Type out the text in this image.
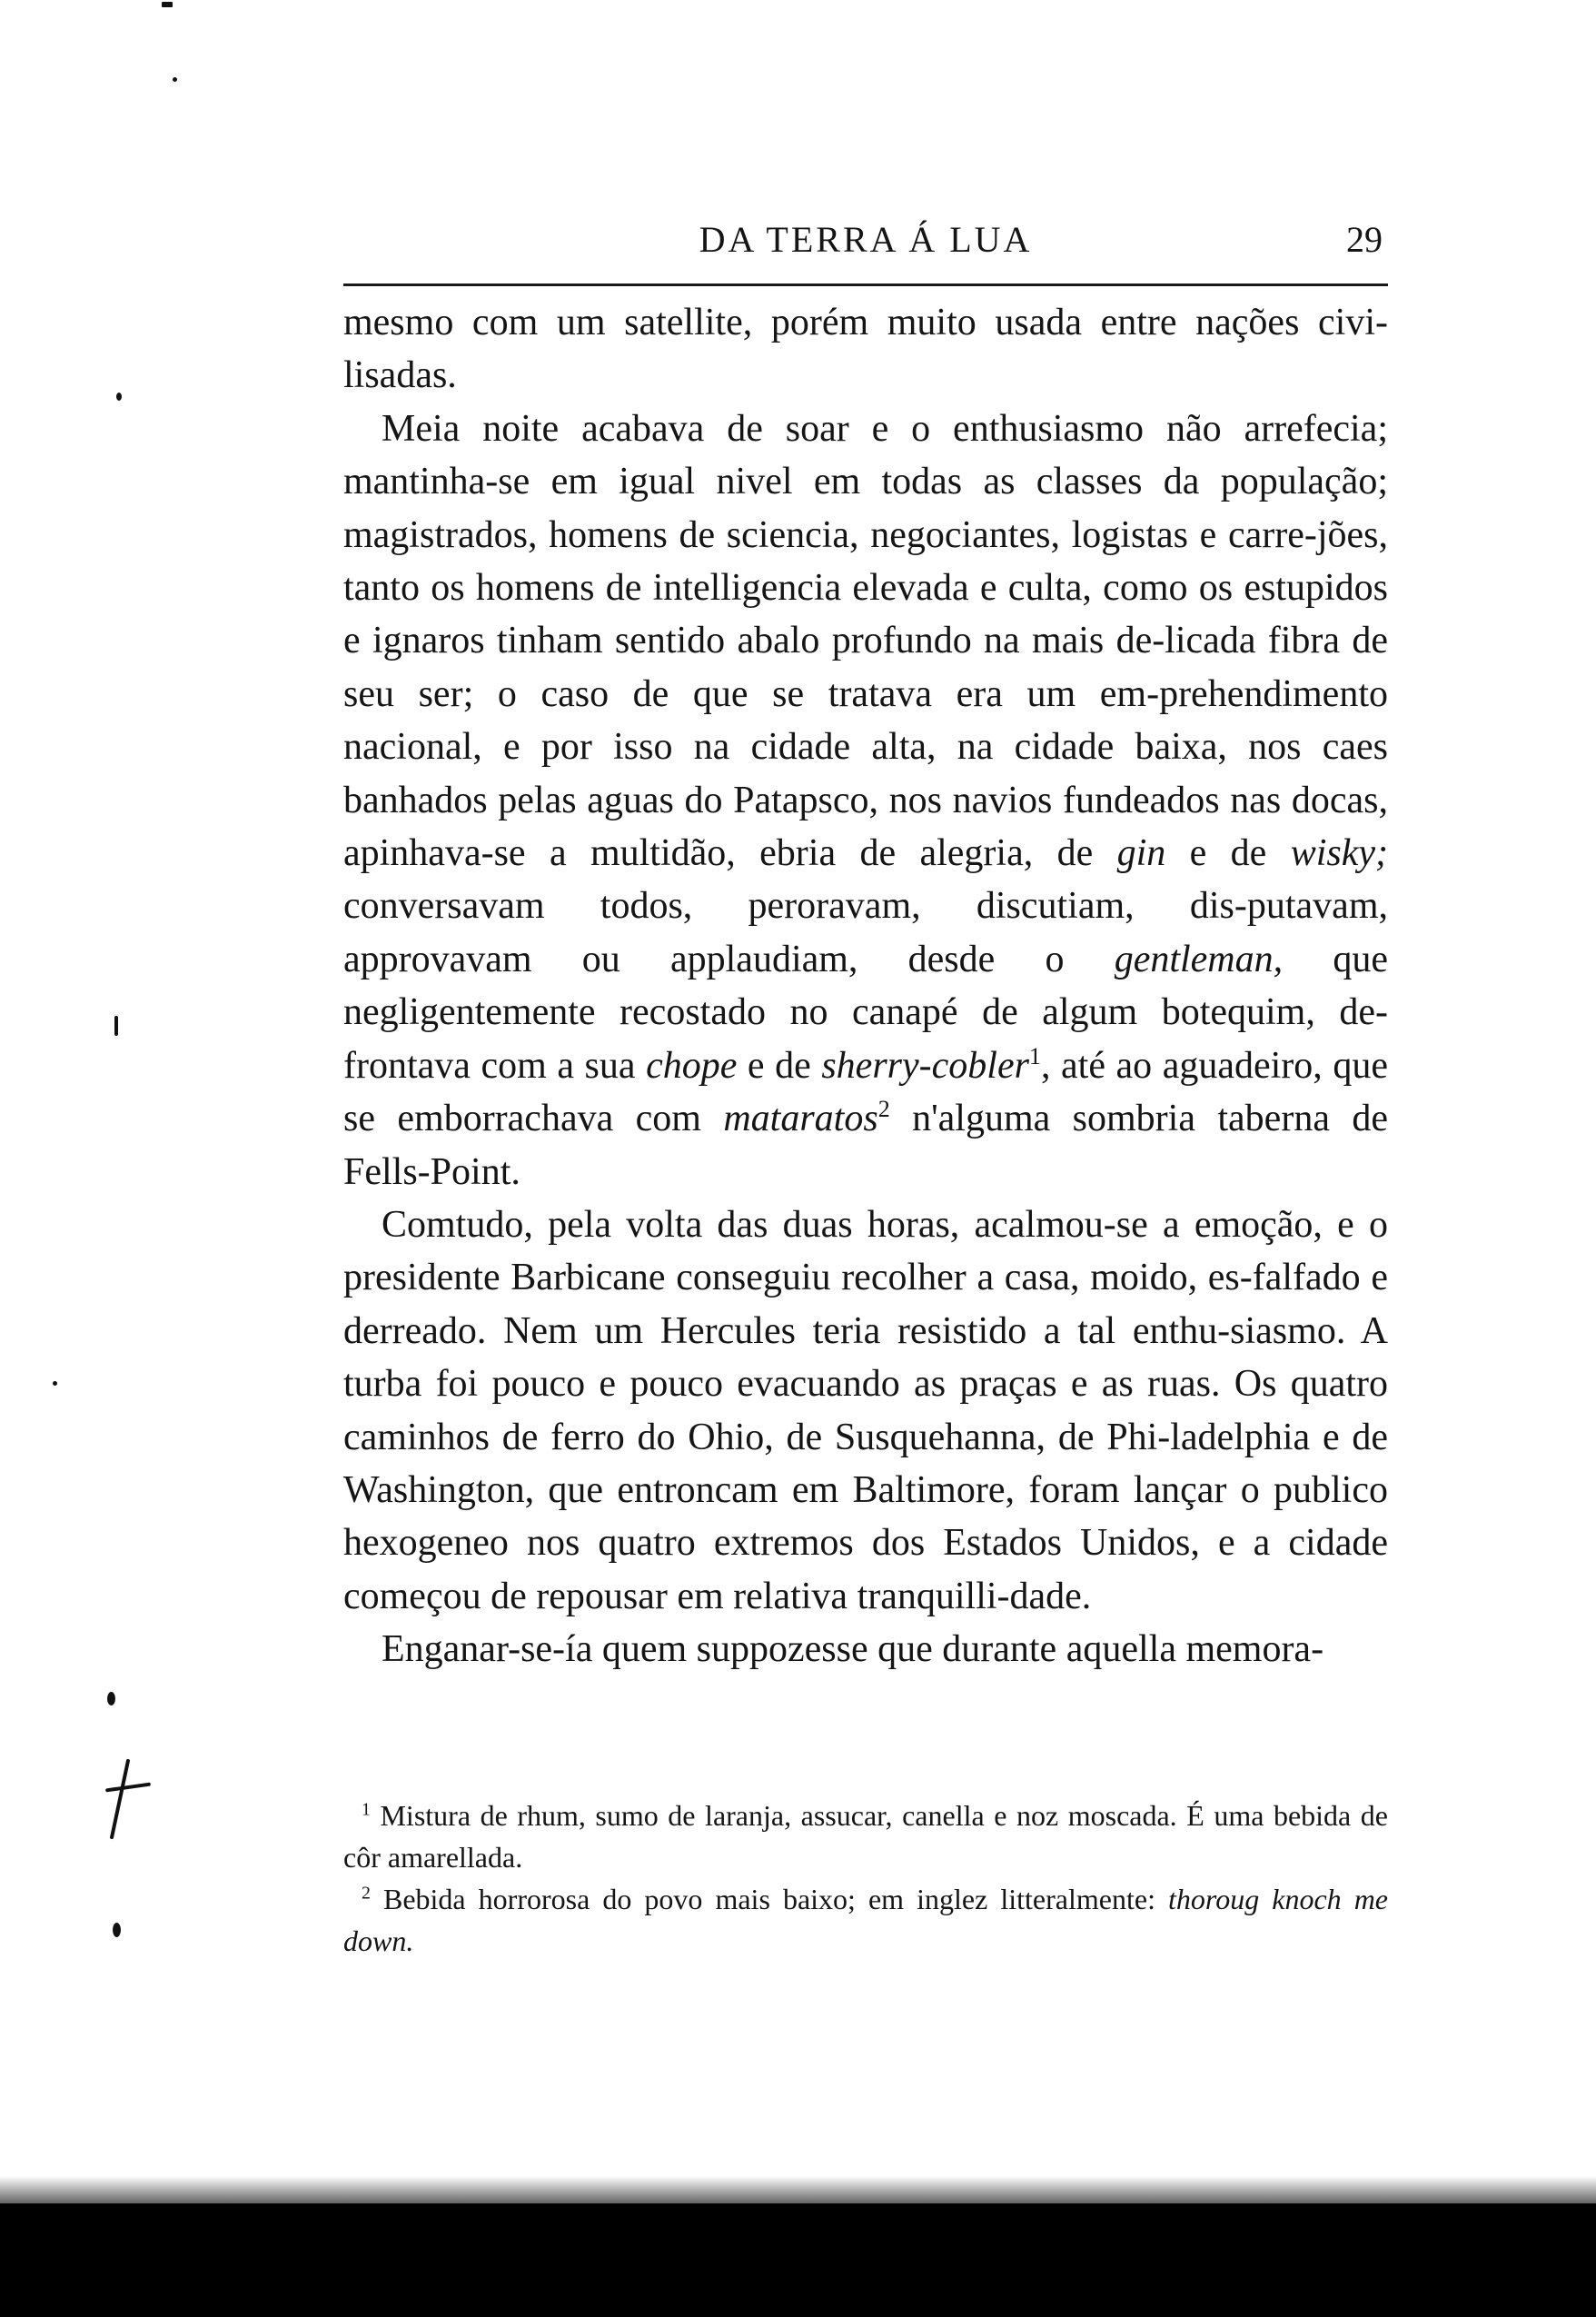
DA TERRA Á LUA	29

mesmo com um satellite, porém muito usada entre nações civi-

lisadas.

Meia noite acabava de soar e o enthusiasmo não arrefecia; mantinha-se em igual nivel em todas as classes da população; magistrados, homens de sciencia, negociantes, logistas e carre-jões, tanto os homens de intelligencia elevada e culta, como os estupidos e ignaros tinham sentido abalo profundo na mais de-licada fibra de seu ser; o caso de que se tratava era um em-prehendimento nacional, e por isso na cidade alta, na cidade baixa, nos caes banhados pelas aguas do Patapsco, nos navios fundeados nas docas, apinhava-se a multidão, ebria de alegria, de gin e de wisky; conversavam todos, peroravam, discutiam, dis-putavam, approvavam ou applaudiam, desde o gentleman, que negligentemente recostado no canapé de algum botequim, de-frontava com a sua chope e de sherry-cobler$^1$, até ao aguadeiro, que se emborrachava com mataratos$^2$ n'alguma sombria taberna de Fells-Point.

Comtudo, pela volta das duas horas, acalmou-se a emoção, e o presidente Barbicane conseguiu recolher a casa, moido, es-falfado e derreado. Nem um Hercules teria resistido a tal enthu-siasmo. A turba foi pouco e pouco evacuando as praças e as ruas. Os quatro caminhos de ferro do Ohio, de Susquehanna, de Phi-ladelphia e de Washington, que entroncam em Baltimore, foram lançar o publico hexogeneo nos quatro extremos dos Estados Unidos, e a cidade começou de repousar em relativa tranquilli-dade.

Enganar-se-ía quem suppozesse que durante aquella memora-

$^1$ Mistura de rhum, sumo de laranja, assucar, canella e noz moscada. É uma bebida de côr amarellada.

$^2$ Bebida horrorosa do povo mais baixo; em inglez litteralmente: thoroug knoch me down.
